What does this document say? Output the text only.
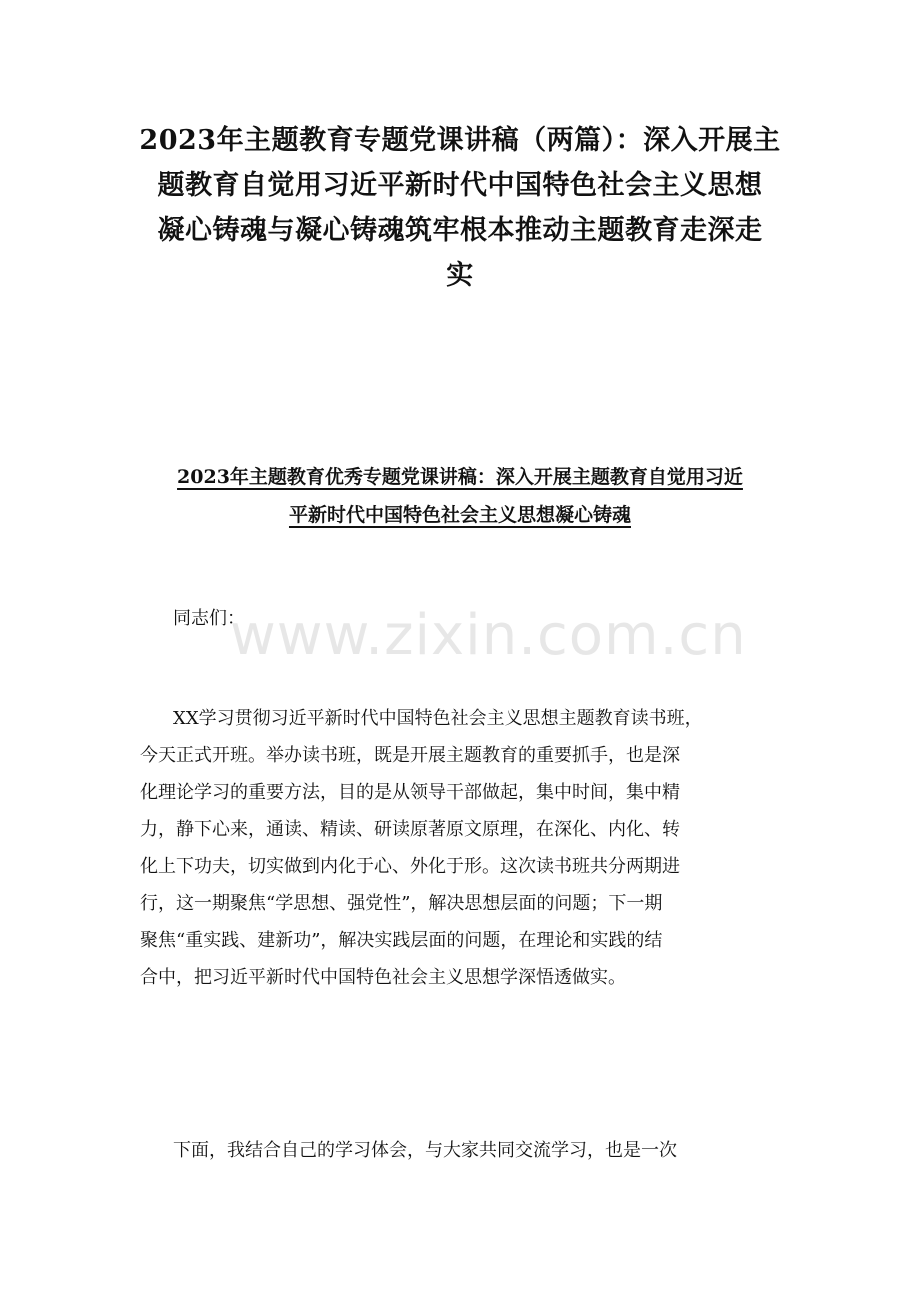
2023年主题教育专题党课讲稿（两篇）：深入开展主
题教育自觉用习近平新时代中国特色社会主义思想
凝心铸魂与凝心铸魂筑牢根本推动主题教育走深走
实
2023年主题教育优秀专题党课讲稿：深入开展主题教育自觉用习近
平新时代中国特色社会主义思想凝心铸魂
同志们：
www.zixin.com.cn
XX学习贯彻习近平新时代中国特色社会主义思想主题教育读书班，
今天正式开班。举办读书班，既是开展主题教育的重要抓手，也是深
化理论学习的重要方法，目的是从领导干部做起，集中时间，集中精
力，静下心来，通读、精读、研读原著原文原理，在深化、内化、转
化上下功夫，切实做到内化于心、外化于形。这次读书班共分两期进
行，这一期聚焦“学思想、强党性”，解决思想层面的问题；下一期
聚焦“重实践、建新功”，解决实践层面的问题，在理论和实践的结
合中，把习近平新时代中国特色社会主义思想学深悟透做实。
下面，我结合自己的学习体会，与大家共同交流学习，也是一次
